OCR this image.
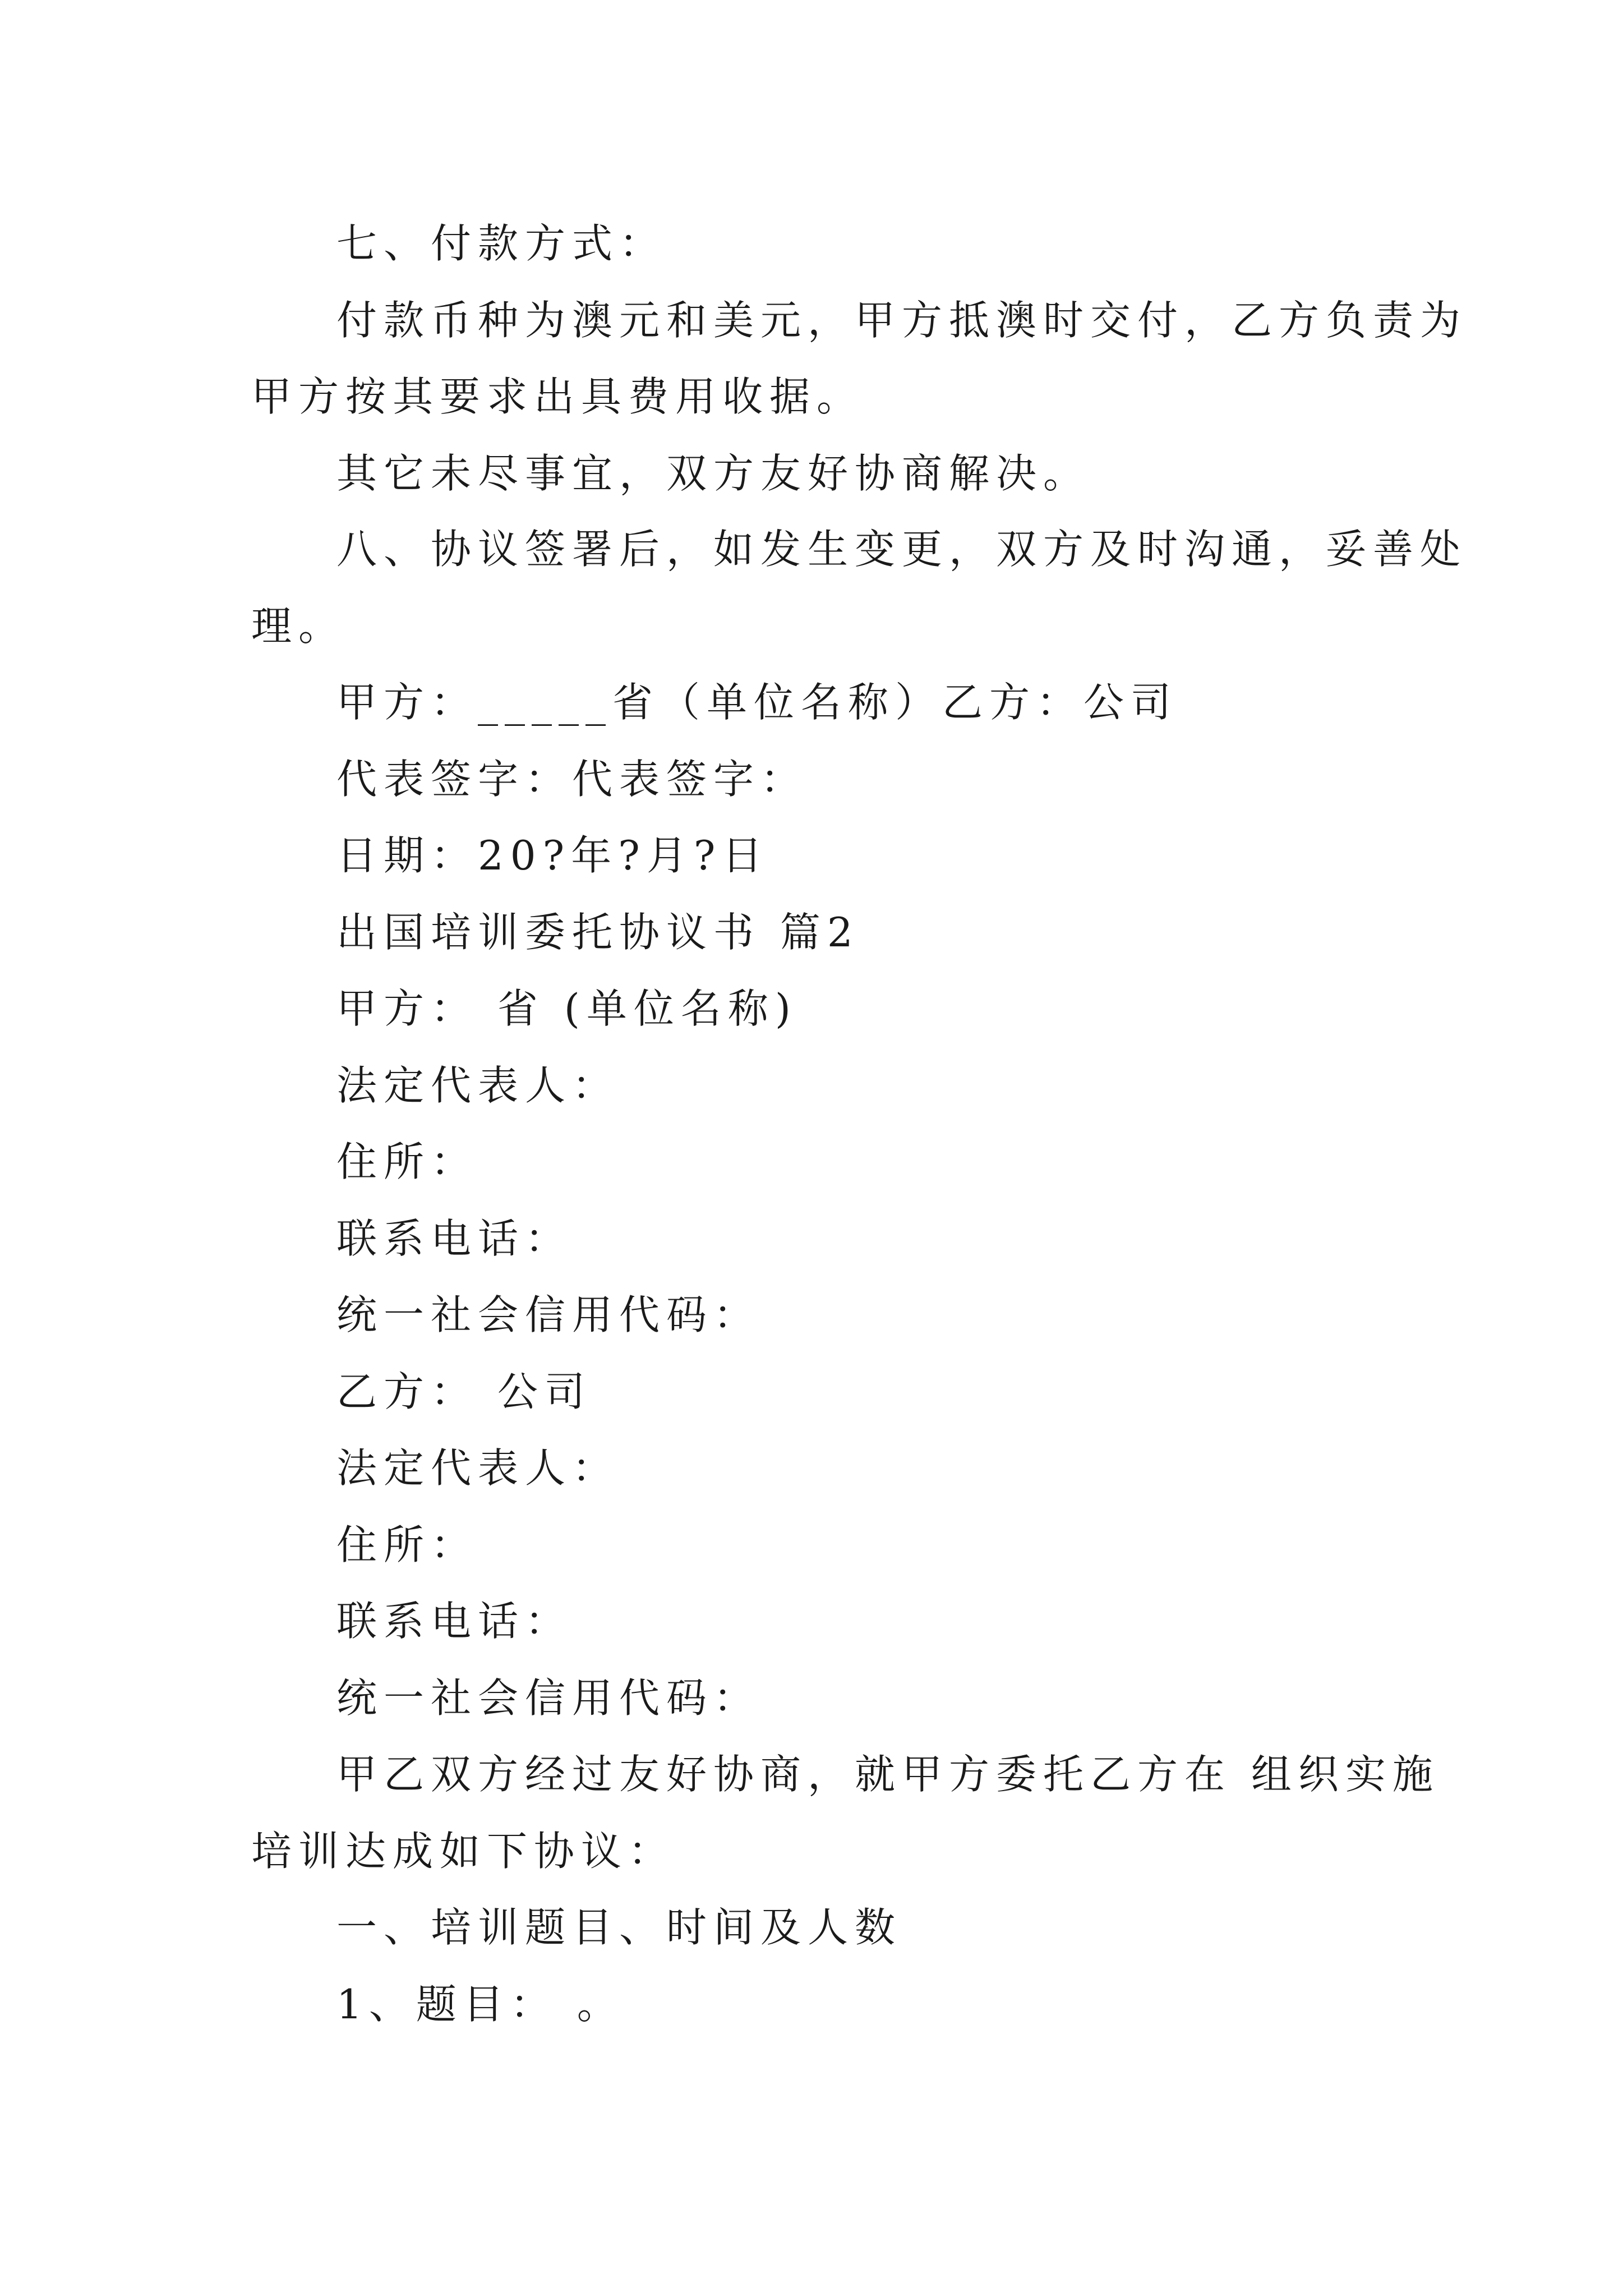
七、付款方式：
付款币种为澳元和美元，甲方抵澳时交付，乙方负责为
甲方按其要求出具费用收据。
其它未尽事宜，双方友好协商解决。
八、协议签署后，如发生变更，双方及时沟通，妥善处
理。
甲方：_____省（单位名称）乙方：公司
代表签字：代表签字：
日期：20?年?月?日
出国培训委托协议书 篇2
甲方： 省 (单位名称)
法定代表人：
住所：
联系电话：
统一社会信用代码：
乙方： 公司
法定代表人：
住所：
联系电话：
统一社会信用代码：
甲乙双方经过友好协商，就甲方委托乙方在 组织实施
培训达成如下协议：
一、培训题目、时间及人数
1、题目： 。
